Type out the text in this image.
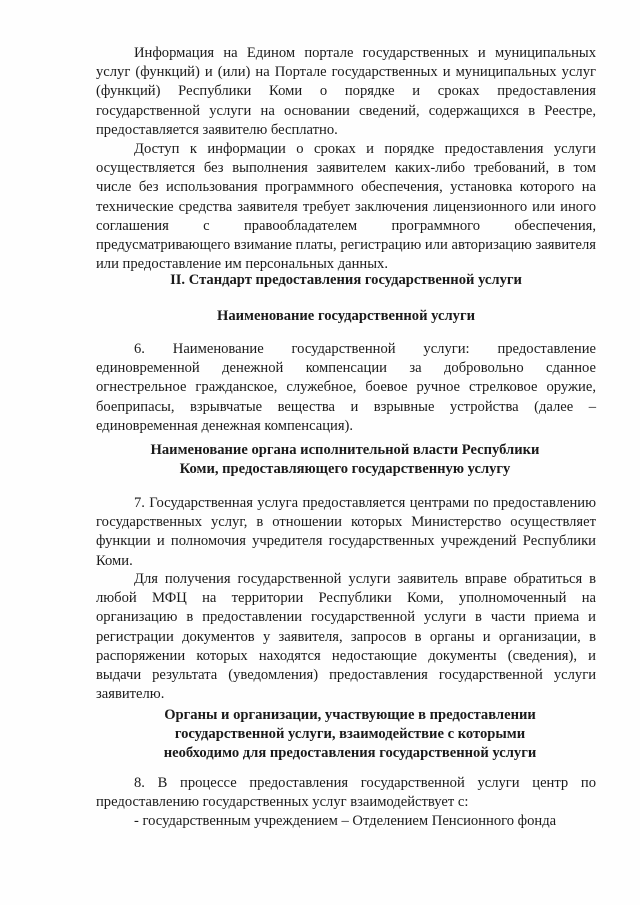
Информация на Едином портале государственных и муниципальных услуг (функций) и (или) на Портале государственных и муниципальных услуг (функций) Республики Коми о порядке и сроках предоставления государственной услуги на основании сведений, содержащихся в Реестре, предоставляется заявителю бесплатно.

Доступ к информации о сроках и порядке предоставления услуги осуществляется без выполнения заявителем каких-либо требований, в том числе без использования программного обеспечения, установка которого на технические средства заявителя требует заключения лицензионного или иного соглашения с правообладателем программного обеспечения, предусматривающего взимание платы, регистрацию или авторизацию заявителя или предоставление им персональных данных.

II. Стандарт предоставления государственной услуги

Наименование государственной услуги

6. Наименование государственной услуги: предоставление единовременной денежной компенсации за добровольно сданное огнестрельное гражданское, служебное, боевое ручное стрелковое оружие, боеприпасы, взрывчатые вещества и взрывные устройства (далее – единовременная денежная компенсация).

Наименование органа исполнительной власти Республики Коми, предоставляющего государственную услугу

7. Государственная услуга предоставляется центрами по предоставлению государственных услуг, в отношении которых Министерство осуществляет функции и полномочия учредителя государственных учреждений Республики Коми.

Для получения государственной услуги заявитель вправе обратиться в любой МФЦ на территории Республики Коми, уполномоченный на организацию в предоставлении государственной услуги в части приема и регистрации документов у заявителя, запросов в органы и организации, в распоряжении которых находятся недостающие документы (сведения), и выдачи результата (уведомления) предоставления государственной услуги заявителю.

Органы и организации, участвующие в предоставлении государственной услуги, взаимодействие с которыми необходимо для предоставления государственной услуги

8. В процессе предоставления государственной услуги центр по предоставлению государственных услуг взаимодействует с:

- государственным учреждением – Отделением Пенсионного фонда
